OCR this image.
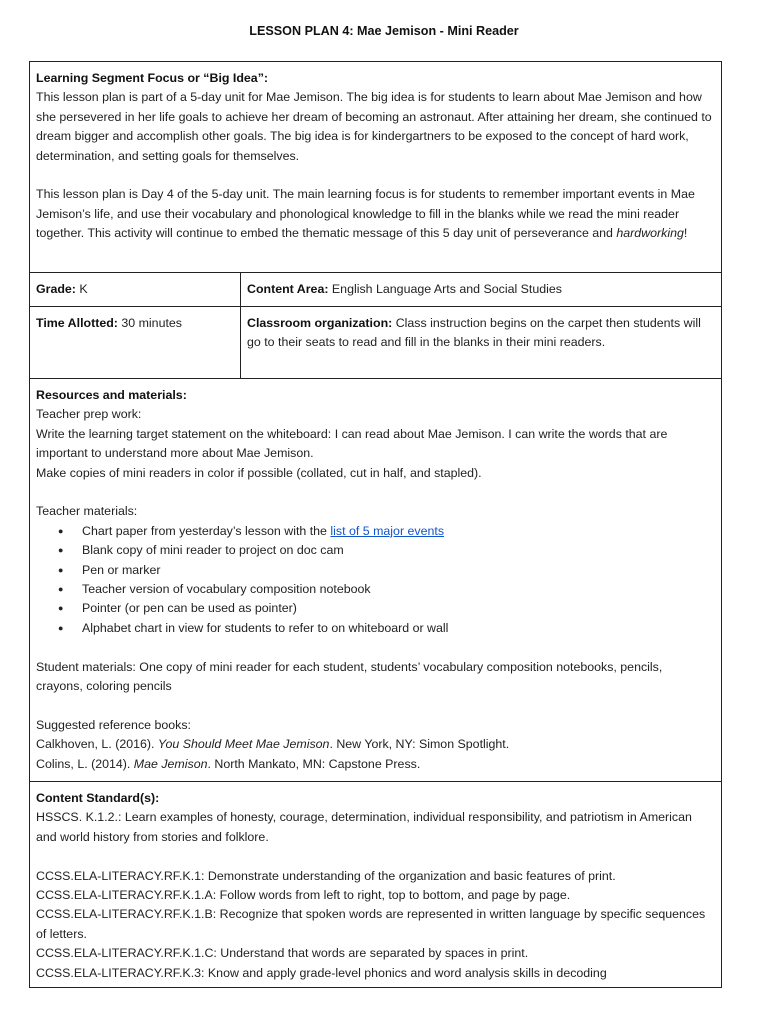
LESSON PLAN 4: Mae Jemison - Mini Reader

Learning Segment Focus or “Big Idea”:

This lesson plan is part of a 5-day unit for Mae Jemison. The big idea is for students to learn about Mae Jemison and how she persevered in her life goals to achieve her dream of becoming an astronaut. After attaining her dream, she continued to dream bigger and accomplish other goals. The big idea is for kindergartners to be exposed to the concept of hard work, determination, and setting goals for themselves.

This lesson plan is Day 4 of the 5-day unit. The main learning focus is for students to remember important events in Mae Jemison’s life, and use their vocabulary and phonological knowledge to fill in the blanks while we read the mini reader together. This activity will continue to embed the thematic message of this 5 day unit of perseverance and hardworking!

Grade: K	Content Area: English Language Arts and Social Studies
Time Allotted: 30 minutes	Classroom organization: Class instruction begins on the carpet then students will go to their seats to read and fill in the blanks in their mini readers.

Resources and materials:

Teacher prep work:

Write the learning target statement on the whiteboard: I can read about Mae Jemison. I can write the words that are important to understand more about Mae Jemison.

Make copies of mini readers in color if possible (collated, cut in half, and stapled).

Teacher materials:

● Chart paper from yesterday’s lesson with the list of 5 major events
● Blank copy of mini reader to project on doc cam
● Pen or marker
● Teacher version of vocabulary composition notebook
● Pointer (or pen can be used as pointer)
● Alphabet chart in view for students to refer to on whiteboard or wall

Student materials: One copy of mini reader for each student, students’ vocabulary composition notebooks, pencils, crayons, coloring pencils

Suggested reference books:

Calkhoven, L. (2016). You Should Meet Mae Jemison. New York, NY: Simon Spotlight.

Colins, L. (2014). Mae Jemison. North Mankato, MN: Capstone Press.

Content Standard(s):

HSSCS. K.1.2.: Learn examples of honesty, courage, determination, individual responsibility, and patriotism in American and world history from stories and folklore.

CCSS.ELA-LITERACY.RF.K.1: Demonstrate understanding of the organization and basic features of print.

CCSS.ELA-LITERACY.RF.K.1.A: Follow words from left to right, top to bottom, and page by page.

CCSS.ELA-LITERACY.RF.K.1.B: Recognize that spoken words are represented in written language by specific sequences of letters.

CCSS.ELA-LITERACY.RF.K.1.C: Understand that words are separated by spaces in print.

CCSS.ELA-LITERACY.RF.K.3: Know and apply grade-level phonics and word analysis skills in decoding
